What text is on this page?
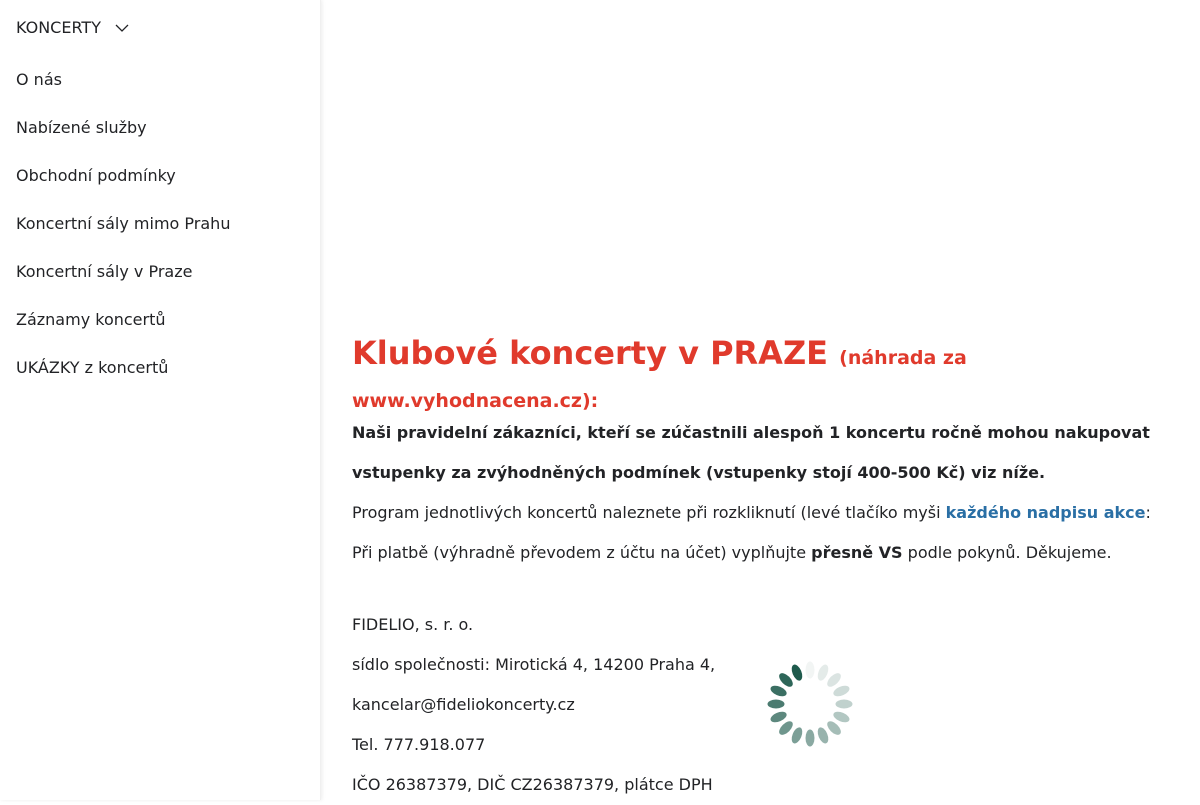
KONCERTY
O nás
Nabízené služby
Obchodní podmínky
Koncertní sály mimo Prahu
Koncertní sály v Praze
Záznamy koncertů
UKÁZKY z koncertů	Klubové koncerty v PRAZE (náhrada za www.vyhodnacena.cz):
Naši pravidelní zákazníci, kteří se zúčastnili alespoň 1 koncertu ročně mohou nakupovat
vstupenky za zvýhodněných podmínek (vstupenky stojí 400-500 Kč) viz níže.
Program jednotlivých koncertů naleznete při rozkliknutí (levé tlačíko myši každého nadpisu akce:
Při platbě (výhradně převodem z účtu na účet) vyplňujte přesně VS podle pokynů. Děkujeme.
FIDELIO, s. r. o.
sídlo společnosti: Mirotická 4, 14200 Praha 4,
kancelar@fideliokoncerty.cz
Tel. 777.918.077
IČO 26387379, DIČ CZ26387379, plátce DPH
